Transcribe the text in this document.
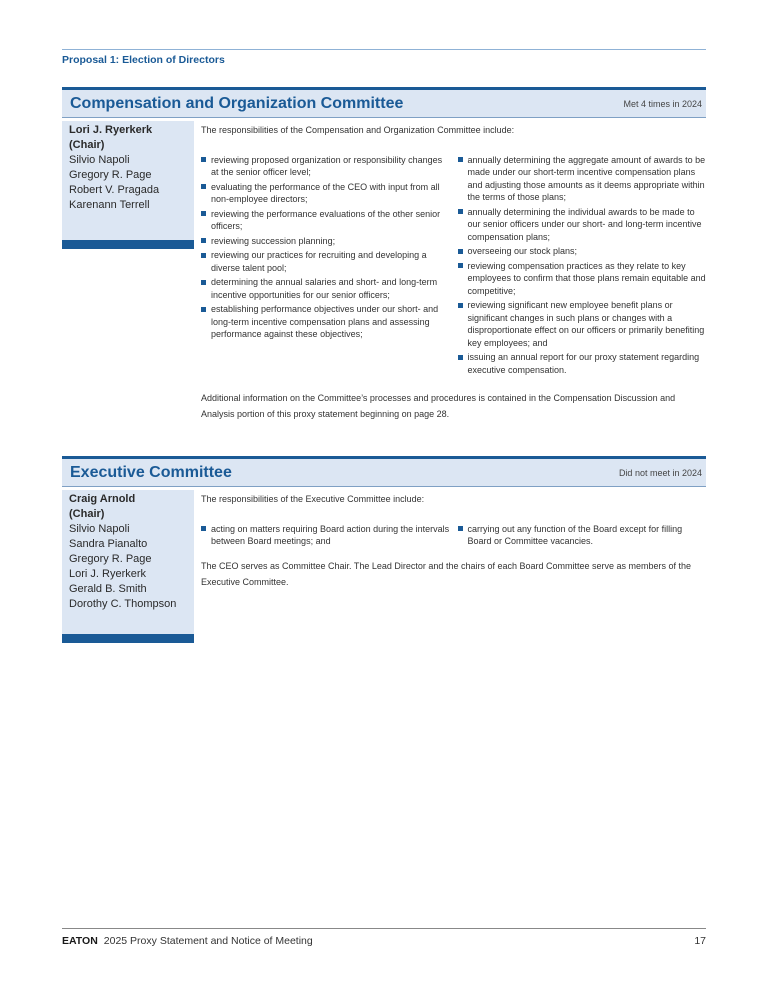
Proposal 1: Election of Directors
Compensation and Organization Committee	Met 4 times in 2024
Lori J. Ryerkerk
(Chair)
Silvio Napoli
Gregory R. Page
Robert V. Pragada
Karenann Terrell

The responsibilities of the Compensation and Organization Committee include:

reviewing proposed organization or responsibility changes at the senior officer level;
evaluating the performance of the CEO with input from all non-employee directors;
reviewing the performance evaluations of the other senior officers;
reviewing succession planning;
reviewing our practices for recruiting and developing a diverse talent pool;
determining the annual salaries and short- and long-term incentive opportunities for our senior officers;
establishing performance objectives under our short- and long-term incentive compensation plans and assessing performance against these objectives;
annually determining the aggregate amount of awards to be made under our short-term incentive compensation plans and adjusting those amounts as it deems appropriate within the terms of those plans;
annually determining the individual awards to be made to our senior officers under our short- and long-term incentive compensation plans;
overseeing our stock plans;
reviewing compensation practices as they relate to key employees to confirm that those plans remain equitable and competitive;
reviewing significant new employee benefit plans or significant changes in such plans or changes with a disproportionate effect on our officers or primarily benefiting key employees; and
issuing an annual report for our proxy statement regarding executive compensation.

Additional information on the Committee’s processes and procedures is contained in the Compensation Discussion and Analysis portion of this proxy statement beginning on page 28.

Executive Committee	Did not meet in 2024
Craig Arnold
(Chair)
Silvio Napoli
Sandra Pianalto
Gregory R. Page
Lori J. Ryerkerk
Gerald B. Smith
Dorothy C. Thompson

The responsibilities of the Executive Committee include:

acting on matters requiring Board action during the intervals between Board meetings; and
carrying out any function of the Board except for filling Board or Committee vacancies.

The CEO serves as Committee Chair. The Lead Director and the chairs of each Board Committee serve as members of the Executive Committee.

EATON 2025 Proxy Statement and Notice of Meeting	17
